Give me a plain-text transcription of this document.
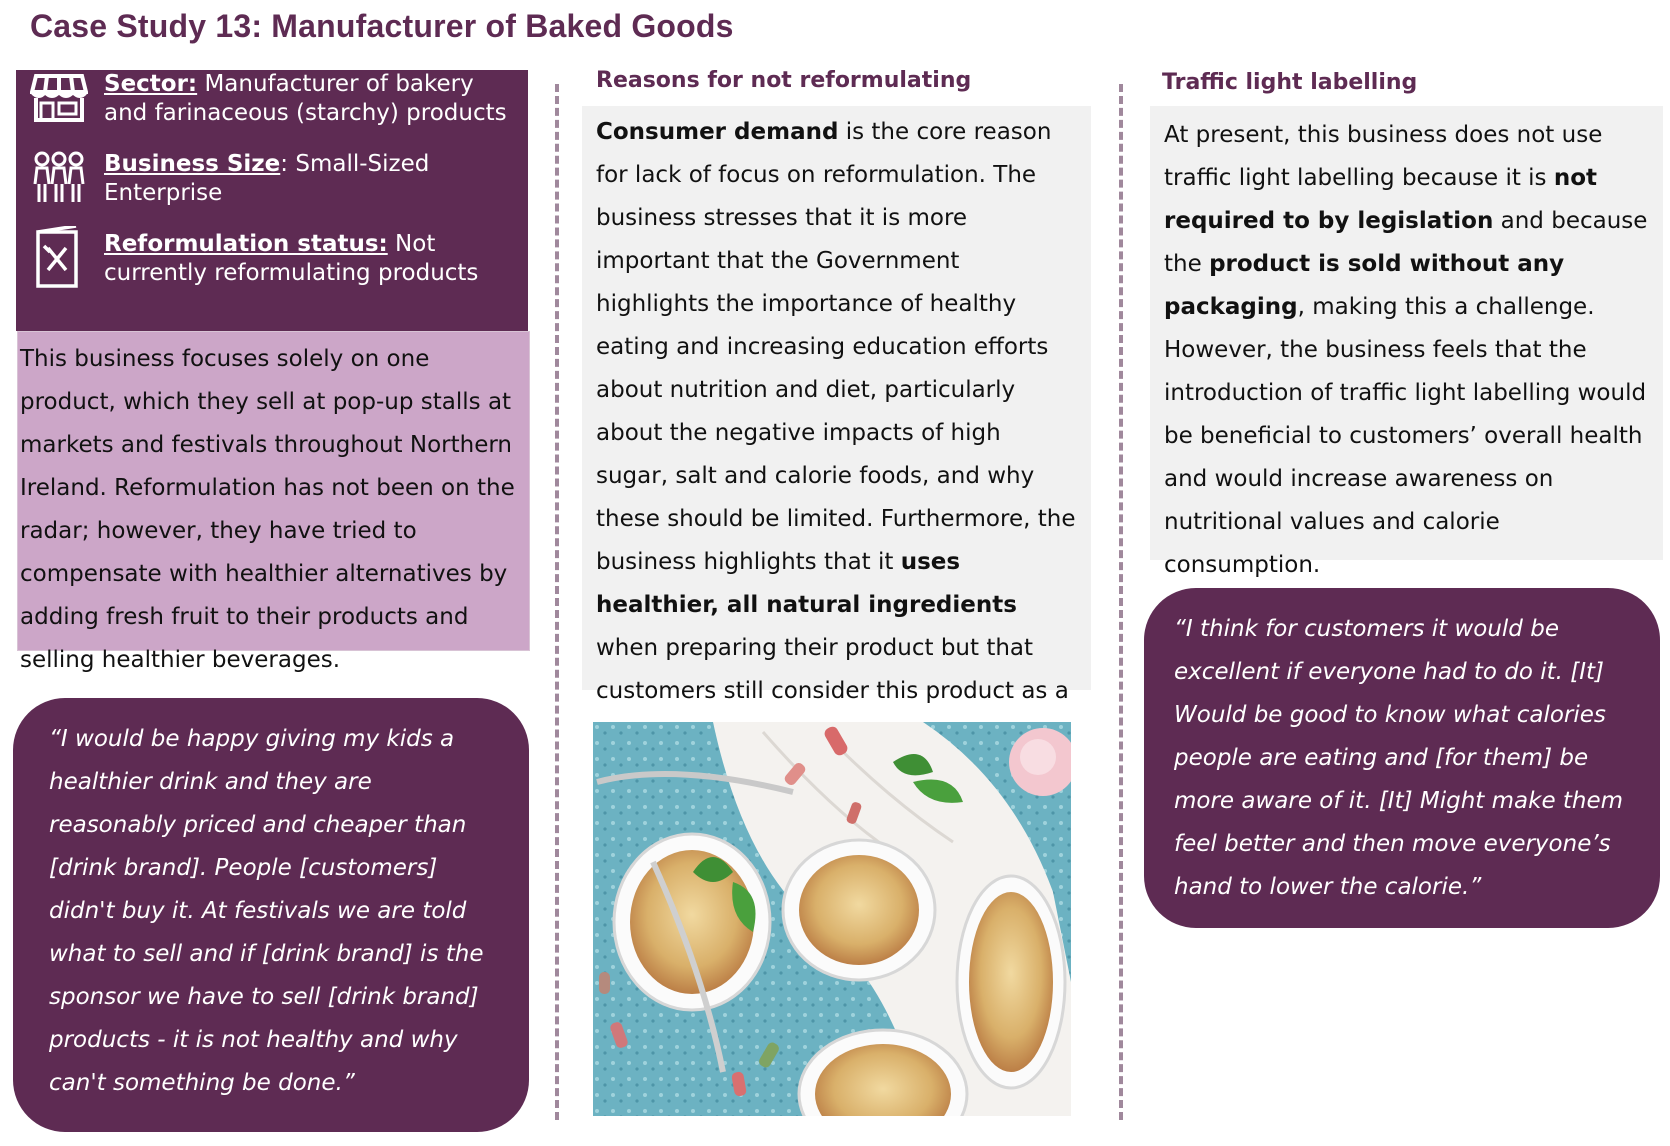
Case Study 13: Manufacturer of Baked Goods
Sector: Manufacturer of bakery and farinaceous (starchy) products
Business Size: Small-Sized Enterprise
Reformulation status: Not currently reformulating products
This business focuses solely on one product, which they sell at pop-up stalls at markets and festivals throughout Northern Ireland. Reformulation has not been on the radar; however, they have tried to compensate with healthier alternatives by adding fresh fruit to their products and selling healthier beverages.
“I would be happy giving my kids a healthier drink and they are reasonably priced and cheaper than [drink brand]. People [customers] didn't buy it. At festivals we are told what to sell and if [drink brand] is the sponsor we have to sell [drink brand] products - it is not healthy and why can't something be done.”
Reasons for not reformulating
Consumer demand is the core reason for lack of focus on reformulation. The business stresses that it is more important that the Government highlights the importance of healthy eating and increasing education efforts about nutrition and diet, particularly about the negative impacts of high sugar, salt and calorie foods, and why these should be limited. Furthermore, the business highlights that it uses healthier, all natural ingredients when preparing their product but that customers still consider this product as a
Traffic light labelling
At present, this business does not use traffic light labelling because it is not required to by legislation and because the product is sold without any packaging, making this a challenge. However, the business feels that the introduction of traffic light labelling would be beneficial to customers’ overall health and would increase awareness on nutritional values and calorie consumption.
“I think for customers it would be excellent if everyone had to do it. [It] Would be good to know what calories people are eating and [for them] be more aware of it. [It] Might make them feel better and then move everyone’s hand to lower the calorie.”
